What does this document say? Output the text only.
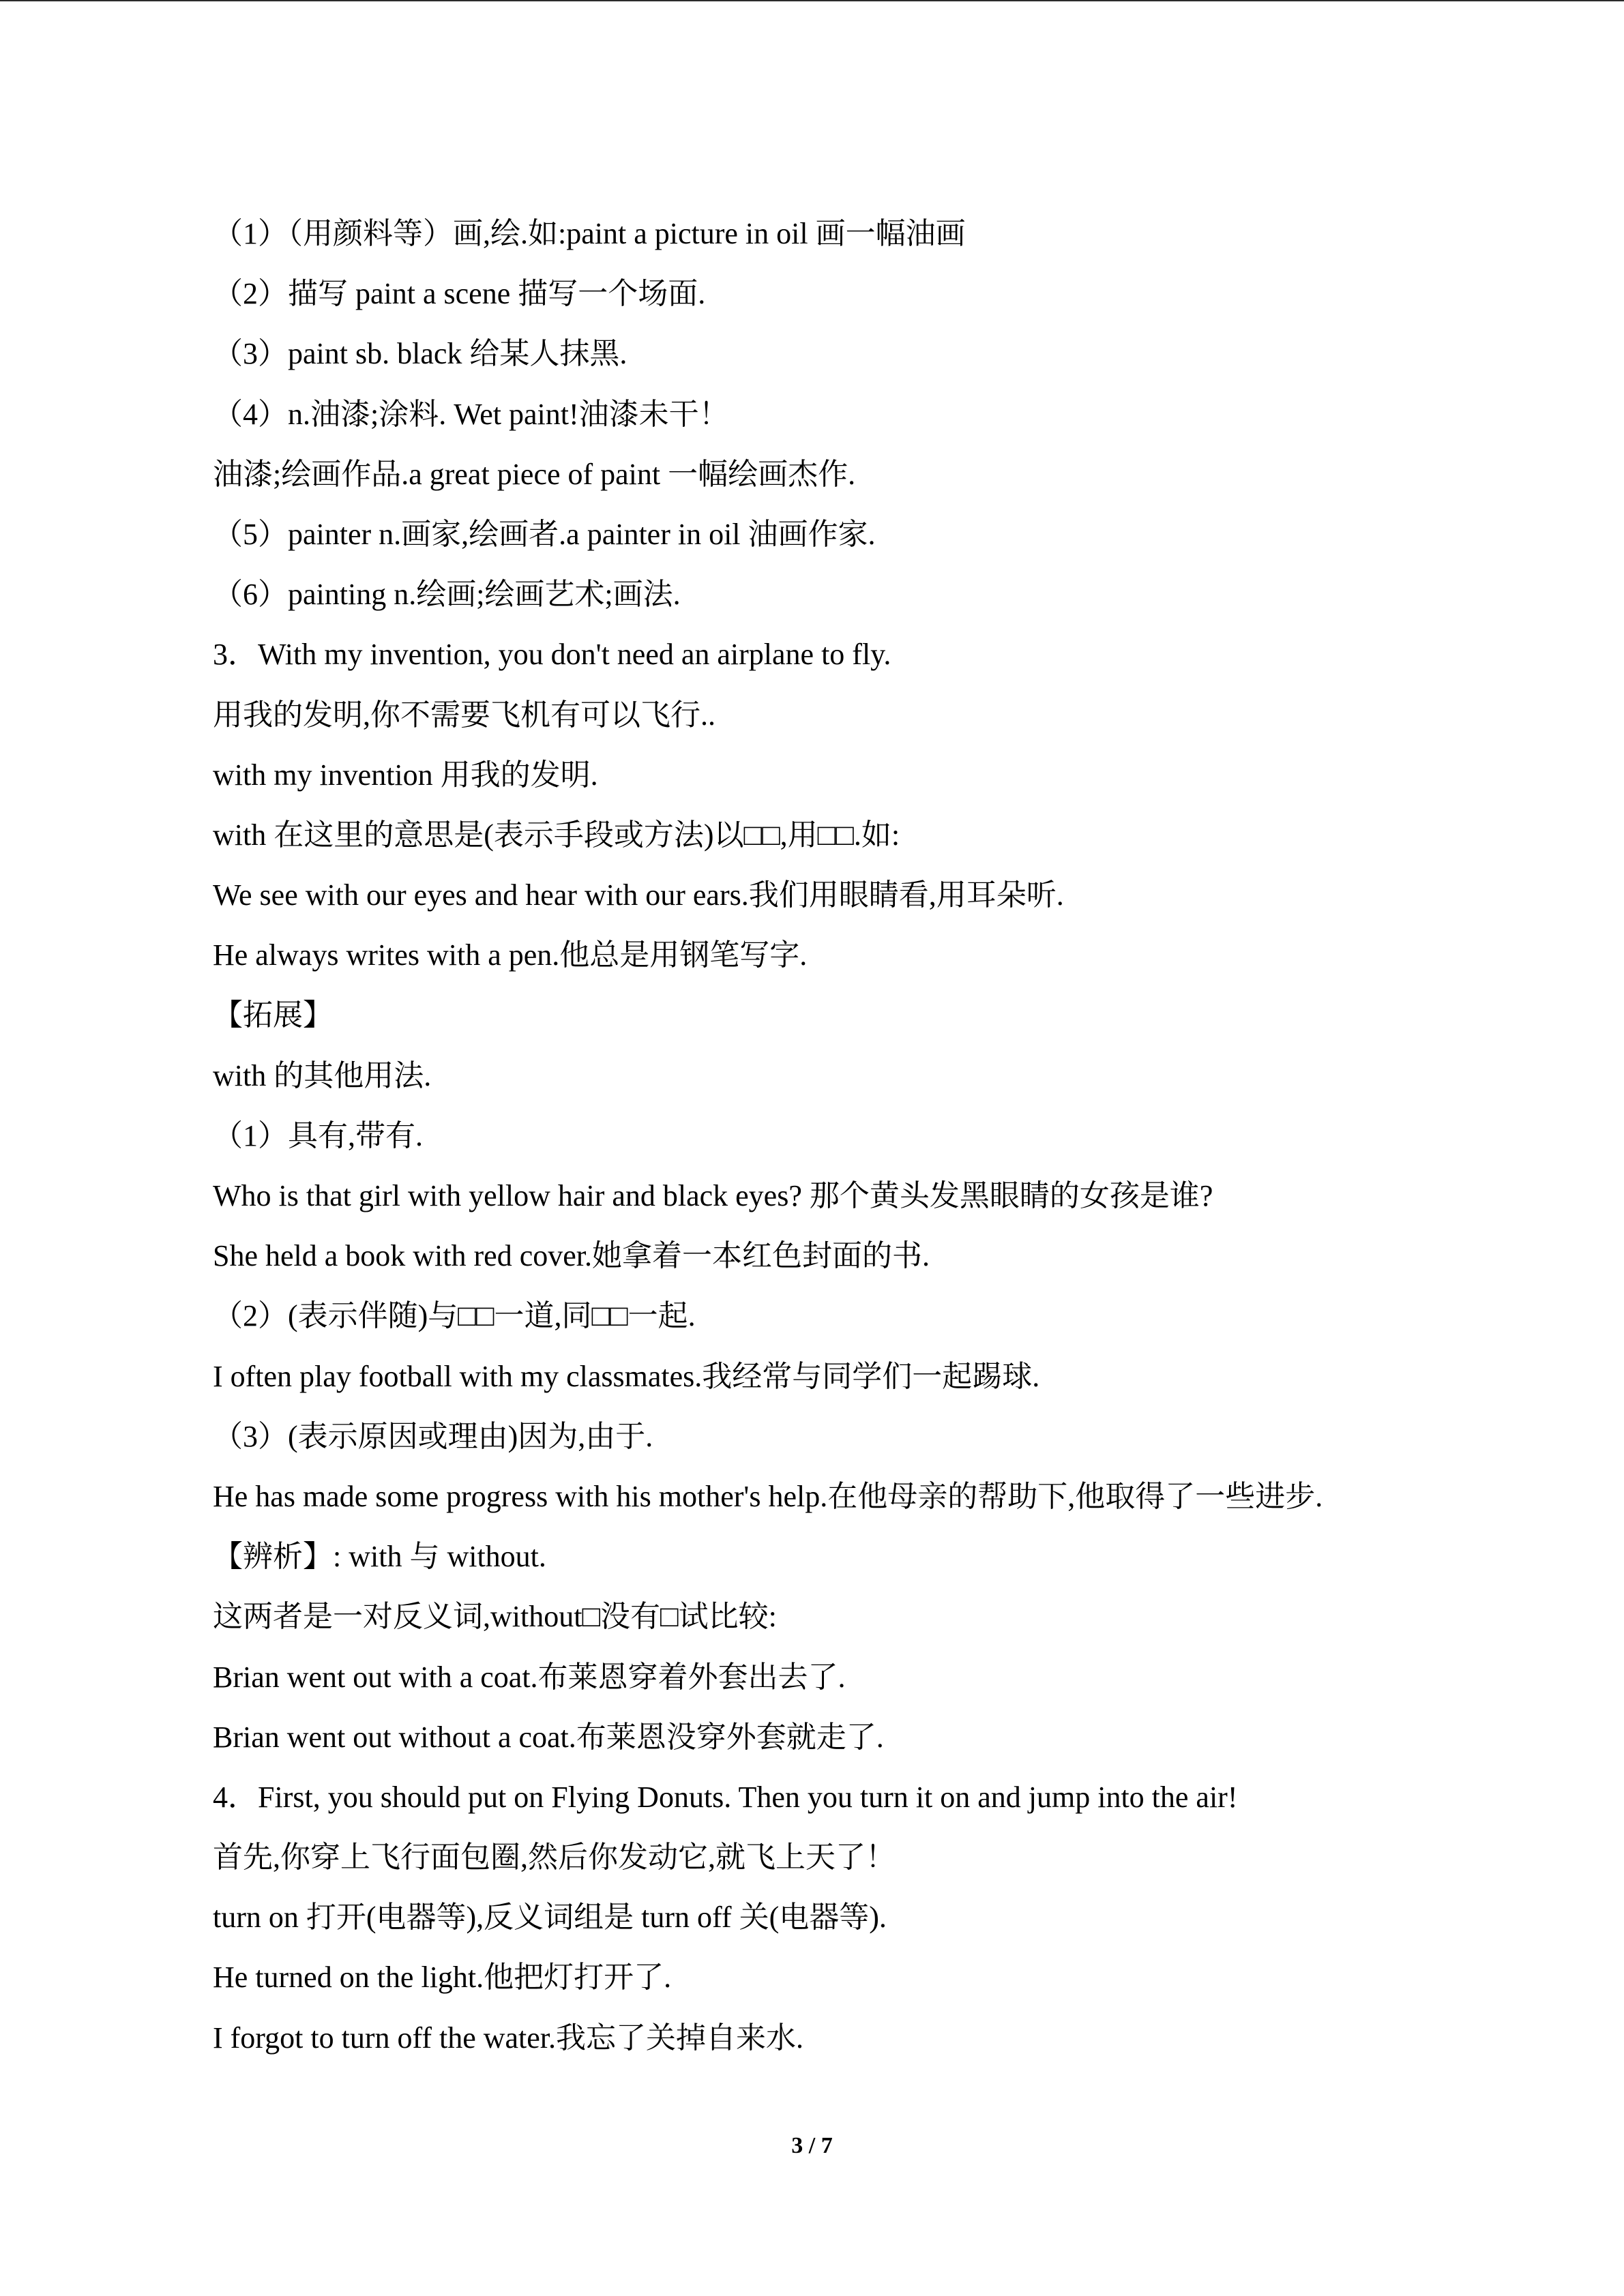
（1）（用颜料等）画,绘.如:paint a picture in oil 画一幅油画
（2）描写 paint a scene 描写一个场面.
（3）paint sb. black 给某人抹黑.
（4）n.油漆;涂料. Wet paint!油漆未干！
油漆;绘画作品.a great piece of paint 一幅绘画杰作.
（5）painter n.画家,绘画者.a painter in oil 油画作家.
（6）painting n.绘画;绘画艺术;画法.
3．With my invention, you don't need an airplane to fly.
用我的发明,你不需要飞机有可以飞行..
with my invention 用我的发明.
with 在这里的意思是(表示手段或方法)以□□,用□□.如:
We see with our eyes and hear with our ears.我们用眼睛看,用耳朵听.
He always writes with a pen.他总是用钢笔写字.
【拓展】
with 的其他用法.
（1）具有,带有.
Who is that girl with yellow hair and black eyes? 那个黄头发黑眼睛的女孩是谁?
She held a book with red cover.她拿着一本红色封面的书.
（2）(表示伴随)与□□一道,同□□一起.
I often play football with my classmates.我经常与同学们一起踢球.
（3）(表示原因或理由)因为,由于.
He has made some progress with his mother's help.在他母亲的帮助下,他取得了一些进步.
【辨析】: with 与 without.
这两者是一对反义词,without□没有□试比较:
Brian went out with a coat.布莱恩穿着外套出去了.
Brian went out without a coat.布莱恩没穿外套就走了.
4．First, you should put on Flying Donuts. Then you turn it on and jump into the air!
首先,你穿上飞行面包圈,然后你发动它,就飞上天了！
turn on 打开(电器等),反义词组是 turn off 关(电器等).
He turned on the light.他把灯打开了.
I forgot to turn off the water.我忘了关掉自来水.
3 / 7
